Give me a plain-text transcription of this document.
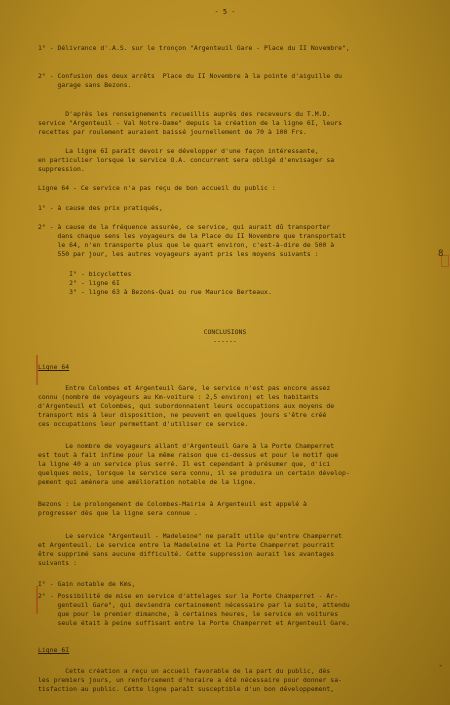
- 5 -
1° - Délivrance d'.A.S. sur le tronçon "Argenteuil Gare - Place du II Novembre",
2° - Confusion des deux arrêts  Place du II Novembre à la pointe d'aiguille du
garage sans Bezons.
D'après les renseignements recueillis auprès des receveurs du T.M.D.
service "Argenteuil - Val Notre-Dame" depuis la création de la ligne 6I, leurs
recettes par roulement auraient baissé journellement de 70 à 100 Frs.
La ligne 6I paraît devoir se développer d'une façon intéressante,
en particulier lorsque le service O.A. concurrent sera obligé d'envisager sa
suppression.
Ligne 64 - Ce service n'a pas reçu de bon accueil du public :
1° - à cause des prix pratiqués,
2° - à cause de la fréquence assurée, ce service, qui aurait dû transporter
dans chaque sens les voyageurs de la Place du II Novembre que transportait
le 64, n'en transporte plus que le quart environ, c'est-à-dire de 500 à
550 par jour, les autres voyageurs ayant pris les moyens suivants :
I° - bicyclettes
2° - ligne 6I
3° - ligne 63 à Bezons-Quai ou rue Maurice Berteaux.
CONCLUSIONS
------
Ligne 64
Entre Colombes et Argenteuil Gare, le service n'est pas encore assez
connu (nombre de voyageurs au Km-voiture : 2,5 environ) et les habitants
d'Argenteuil et Colombes, qui subordonnaient leurs occupations aux moyens de
transport mis à leur disposition, ne peuvent en quelques jours s'être créé
ces occupations leur permettant d'utiliser ce service.
Le nombre de voyageurs allant d'Argenteuil Gare à la Porte Champerret
est tout à fait infime pour la même raison que ci-dessus et pour le motif que
la ligne 40 a un service plus serré. Il est cependant à présumer que, d'ici
quelques mois, lorsque le service sera connu, il se produira un certain dévelop-
pement qui amènera une amélioration notable de la ligne.
Bezons : Le prolongement de Colombes-Mairie à Argenteuil est appelé à
progresser dès que la ligne sera connue .
Le service "Argenteuil - Madeleine" ne paraît utile qu'entre Champerret
et Argenteuil. Le service entre la Madeleine et la Porte Champerret pourrait
être supprimé sans aucune difficulté. Cette suppression aurait les avantages
suivants :
I° - Gain notable de Kms,
2° - Possibilité de mise en service d'attelages sur la Porte Champerret - Ar-
genteuil Gare", qui deviendra certainement nécessaire par la suite, attendu
que pour le premier dimanche, à certaines heures, le service en voitures
seule était à peine suffisant entre la Porte Champerret et Argenteuil Gare.
Ligne 6I
Cette création a reçu un accueil favorable de la part du public, dès
les premiers jours, un renforcement d'horaire a été nécessaire pour donner sa-
tisfaction au public. Cette ligne paraît susceptible d'un bon développement,
8
-
